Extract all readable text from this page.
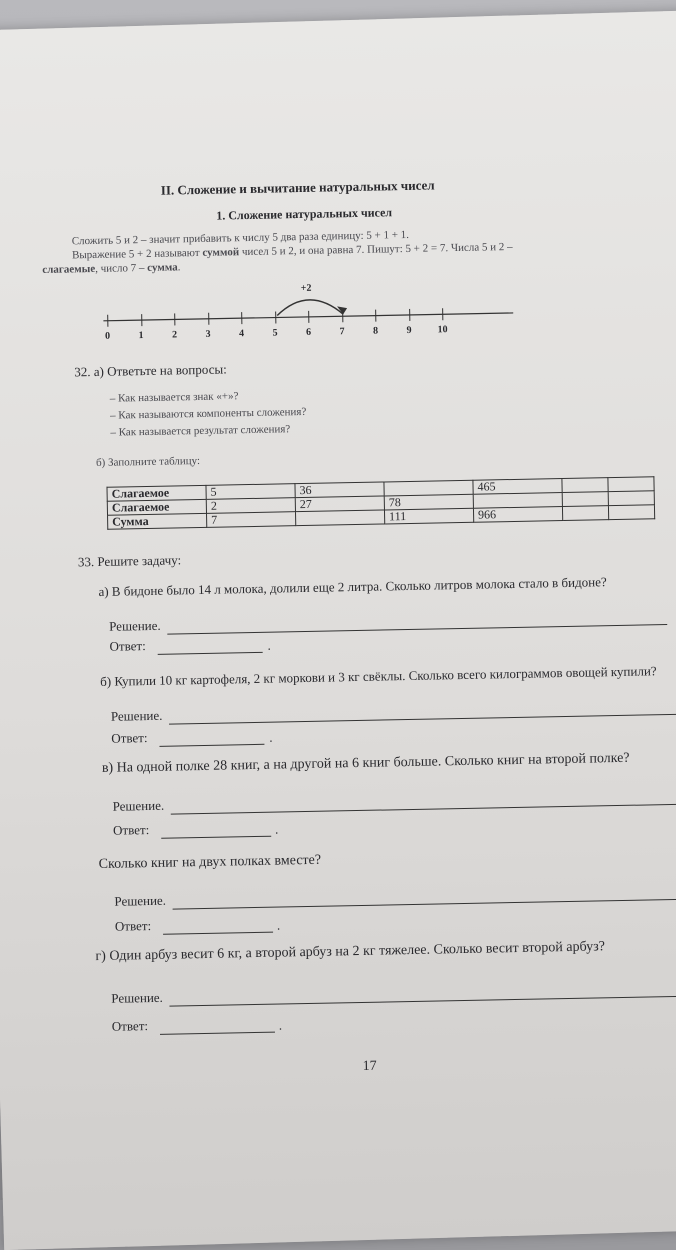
II. Сложение и вычитание натуральных чисел
1. Сложение натуральных чисел
Сложить 5 и 2 – значит прибавить к числу 5 два раза единицу: 5 + 1 + 1.
Выражение 5 + 2 называют суммой чисел 5 и 2, и она равна 7. Пишут: 5 + 2 = 7. Числа 5 и 2 –
слагаемые, число 7 – сумма.
+2
0	1	2	3	4	5	6	7	8	9	10
32. а) Ответьте на вопросы:
– Как называется знак «+»?
– Как называются компоненты сложения?
– Как называется результат сложения?
б) Заполните таблицу:
Слагаемое	5	36		465		
Слагаемое	2	27	78			
Сумма	7		111	966		
33. Решите задачу:
а) В бидоне было 14 л молока, долили еще 2 литра. Сколько литров молока стало в бидоне?
Решение.
Ответ:	.
б) Купили 10 кг картофеля, 2 кг моркови и 3 кг свёклы. Сколько всего килограммов овощей купили?
Решение.
Ответ:	.
в) На одной полке 28 книг, а на другой на 6 книг больше. Сколько книг на второй полке?
Решение.
Ответ:	.
Сколько книг на двух полках вместе?
Решение.
Ответ:	.
г) Один арбуз весит 6 кг, а второй арбуз на 2 кг тяжелее. Сколько весит второй арбуз?
Решение.
Ответ:	.
17
